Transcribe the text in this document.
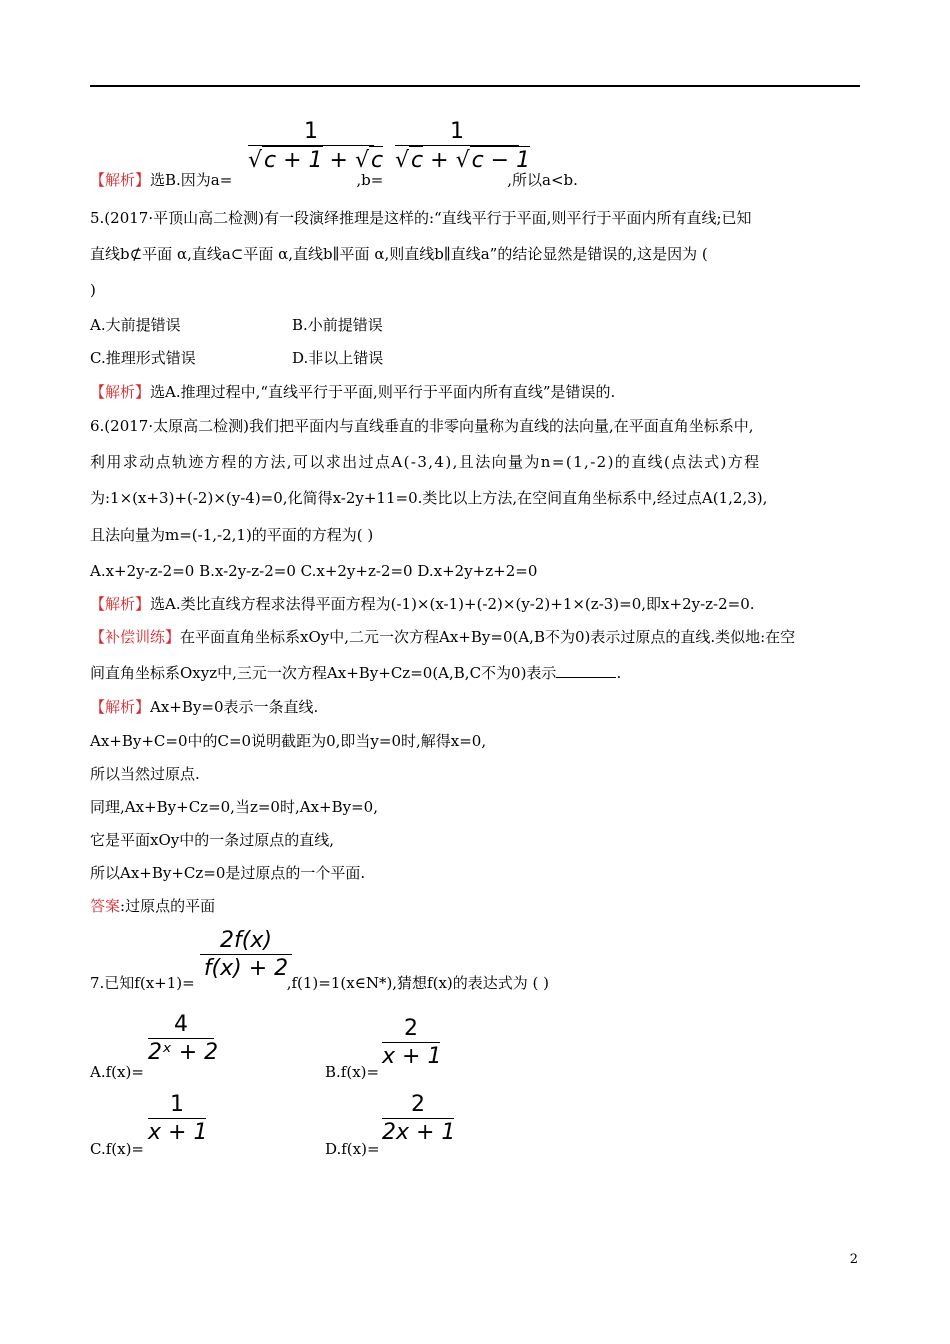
1
√c + 1 + √c
1
√c + √c − 1
【解析】选B.因为a=	,b=	,所以a<b.
5.(2017·平顶山高二检测)有一段演绎推理是这样的:“直线平行于平面,则平行于平面内所有直线;已知
直线b⊄平面 α,直线a⊂平面 α,直线b∥平面 α,则直线b∥直线a”的结论显然是错误的,这是因为 (
)
A.大前提错误	B.小前提错误
C.推理形式错误	D.非以上错误
【解析】选A.推理过程中,“直线平行于平面,则平行于平面内所有直线”是错误的.
6.(2017·太原高二检测)我们把平面内与直线垂直的非零向量称为直线的法向量,在平面直角坐标系中,
利用求动点轨迹方程的方法,可以求出过点A(-3,4),且法向量为n=(1,-2)的直线(点法式)方程
为:1×(x+3)+(-2)×(y-4)=0,化简得x-2y+11=0.类比以上方法,在空间直角坐标系中,经过点A(1,2,3),
且法向量为m=(-1,-2,1)的平面的方程为( )
A.x+2y-z-2=0 B.x-2y-z-2=0 C.x+2y+z-2=0 D.x+2y+z+2=0
【解析】选A.类比直线方程求法得平面方程为(-1)×(x-1)+(-2)×(y-2)+1×(z-3)=0,即x+2y-z-2=0.
【补偿训练】在平面直角坐标系xOy中,二元一次方程Ax+By=0(A,B不为0)表示过原点的直线.类似地:在空
间直角坐标系Oxyz中,三元一次方程Ax+By+Cz=0(A,B,C不为0)表示	.
【解析】Ax+By=0表示一条直线.
Ax+By+C=0中的C=0说明截距为0,即当y=0时,解得x=0,
所以当然过原点.
同理,Ax+By+Cz=0,当z=0时,Ax+By=0,
它是平面xOy中的一条过原点的直线,
所以Ax+By+Cz=0是过原点的一个平面.
答案:过原点的平面
2f(x)
f(x) + 2
7.已知f(x+1)=	,f(1)=1(x∈N*),猜想f(x)的表达式为 ( )
4
2ˣ + 2
A.f(x)=
2
x + 1
B.f(x)=
1
x + 1
C.f(x)=
2
2x + 1
D.f(x)=
2
